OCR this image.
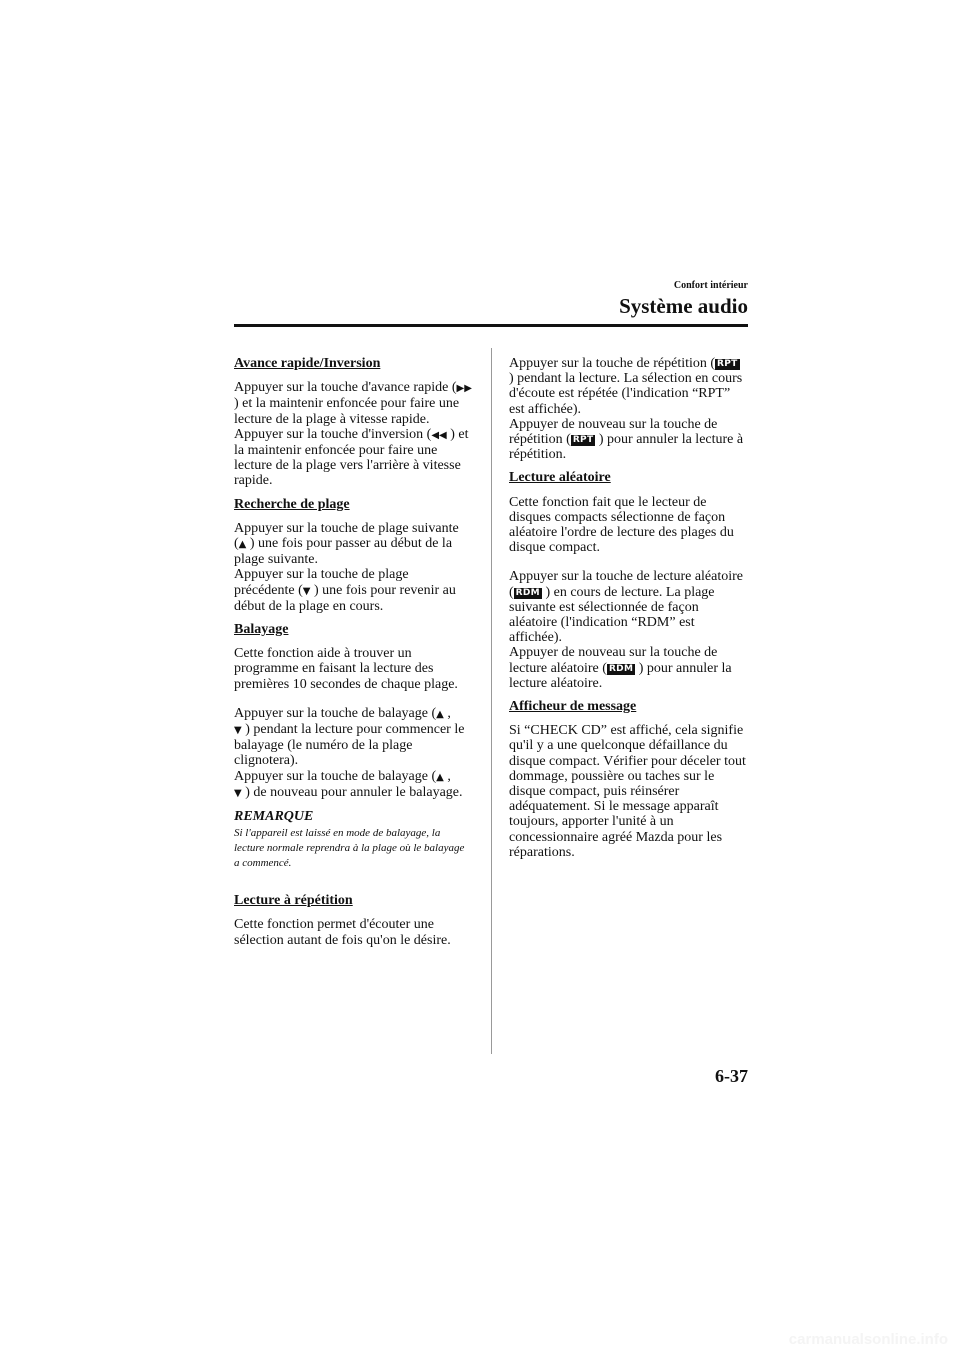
Confort intérieur
Système audio
Avance rapide/Inversion

Appuyer sur la touche d'avance rapide (▶▶ ) et la maintenir enfoncée pour faire une lecture de la plage à vitesse rapide.
Appuyer sur la touche d'inversion (◀◀ ) et la maintenir enfoncée pour faire une lecture de la plage vers l'arrière à vitesse rapide.

Recherche de plage

Appuyer sur la touche de plage suivante (▲ ) une fois pour passer au début de la plage suivante.
Appuyer sur la touche de plage précédente (▼ ) une fois pour revenir au début de la plage en cours.

Balayage

Cette fonction aide à trouver un programme en faisant la lecture des premières 10 secondes de chaque plage.

Appuyer sur la touche de balayage (▲ ,
▼ ) pendant la lecture pour commencer le balayage (le numéro de la plage clignotera).
Appuyer sur la touche de balayage (▲ ,
▼ ) de nouveau pour annuler le balayage.

REMARQUE
Si l'appareil est laissé en mode de balayage, la lecture normale reprendra à la plage où le balayage a commencé.
Lecture à répétition

Cette fonction permet d'écouter une sélection autant de fois qu'on le désire.

Appuyer sur la touche de répétition ( RPT ) pendant la lecture. La sélection en cours d'écoute est répétée (l'indication “RPT” est affichée).
Appuyer de nouveau sur la touche de répétition ( RPT ) pour annuler la lecture à répétition.

Lecture aléatoire

Cette fonction fait que le lecteur de disques compacts sélectionne de façon aléatoire l'ordre de lecture des plages du disque compact.

Appuyer sur la touche de lecture aléatoire ( RDM ) en cours de lecture. La plage suivante est sélectionnée de façon aléatoire (l'indication “RDM” est affichée).
Appuyer de nouveau sur la touche de lecture aléatoire ( RDM ) pour annuler la lecture aléatoire.

Afficheur de message

Si “CHECK CD” est affiché, cela signifie qu'il y a une quelconque défaillance du disque compact. Vérifier pour déceler tout dommage, poussière ou taches sur le disque compact, puis réinsérer adéquatement. Si le message apparaît toujours, apporter l'unité à un concessionnaire agréé Mazda pour les réparations.

6-37
carmanualsonline.info
